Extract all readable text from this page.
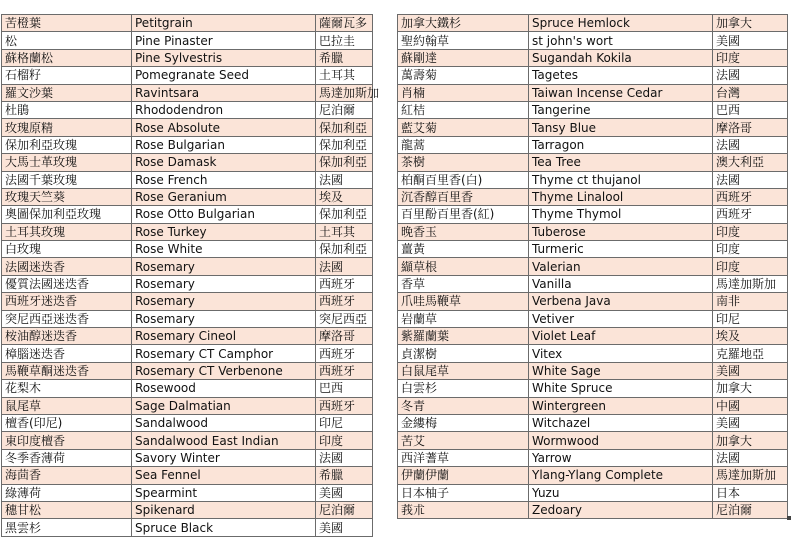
苦橙葉	Petitgrain	薩爾瓦多
松	Pine Pinaster	巴拉圭
蘇格蘭松	Pine Sylvestris	希臘
石榴籽	Pomegranate Seed	土耳其
羅文沙葉	Ravintsara	馬達加斯加
杜鵑	Rhododendron	尼泊爾
玫瑰原精	Rose Absolute	保加利亞
保加利亞玫瑰	Rose Bulgarian	保加利亞
大馬士革玫瑰	Rose Damask	保加利亞
法國千葉玫瑰	Rose French	法國
玫瑰天竺葵	Rose Geranium	埃及
奧圖保加利亞玫瑰	Rose Otto Bulgarian	保加利亞
土耳其玫瑰	Rose Turkey	土耳其
白玫瑰	Rose White	保加利亞
法國迷迭香	Rosemary	法國
優質法國迷迭香	Rosemary	西班牙
西班牙迷迭香	Rosemary	西班牙
突尼西亞迷迭香	Rosemary	突尼西亞
桉油醇迷迭香	Rosemary Cineol	摩洛哥
樟腦迷迭香	Rosemary CT Camphor	西班牙
馬鞭草酮迷迭香	Rosemary CT Verbenone	西班牙
花梨木	Rosewood	巴西
鼠尾草	Sage Dalmatian	西班牙
檀香(印尼)	Sandalwood	印尼
東印度檀香	Sandalwood East Indian	印度
冬季香薄荷	Savory Winter	法國
海茴香	Sea Fennel	希臘
綠薄荷	Spearmint	美國
穗甘松	Spikenard	尼泊爾
黑雲杉	Spruce Black	美國
加拿大鐵杉	Spruce Hemlock	加拿大
聖約翰草	st john's wort	美國
蘇剛達	Sugandah Kokila	印度
萬壽菊	Tagetes	法國
肖楠	Taiwan Incense Cedar	台灣
紅桔	Tangerine	巴西
藍艾菊	Tansy Blue	摩洛哥
龍蒿	Tarragon	法國
茶樹	Tea Tree	澳大利亞
柏酮百里香(白)	Thyme ct thujanol	法國
沉香醇百里香	Thyme Linalool	西班牙
百里酚百里香(紅)	Thyme Thymol	西班牙
晚香玉	Tuberose	印度
薑黃	Turmeric	印度
纈草根	Valerian	印度
香草	Vanilla	馬達加斯加
爪哇馬鞭草	Verbena Java	南非
岩蘭草	Vetiver	印尼
紫羅蘭葉	Violet Leaf	埃及
貞潔樹	Vitex	克羅地亞
白鼠尾草	White Sage	美國
白雲杉	White Spruce	加拿大
冬青	Wintergreen	中國
金縷梅	Witchazel	美國
苦艾	Wormwood	加拿大
西洋蓍草	Yarrow	法國
伊蘭伊蘭	Ylang-Ylang Complete	馬達加斯加
日本柚子	Yuzu	日本
莪朮	Zedoary	尼泊爾
